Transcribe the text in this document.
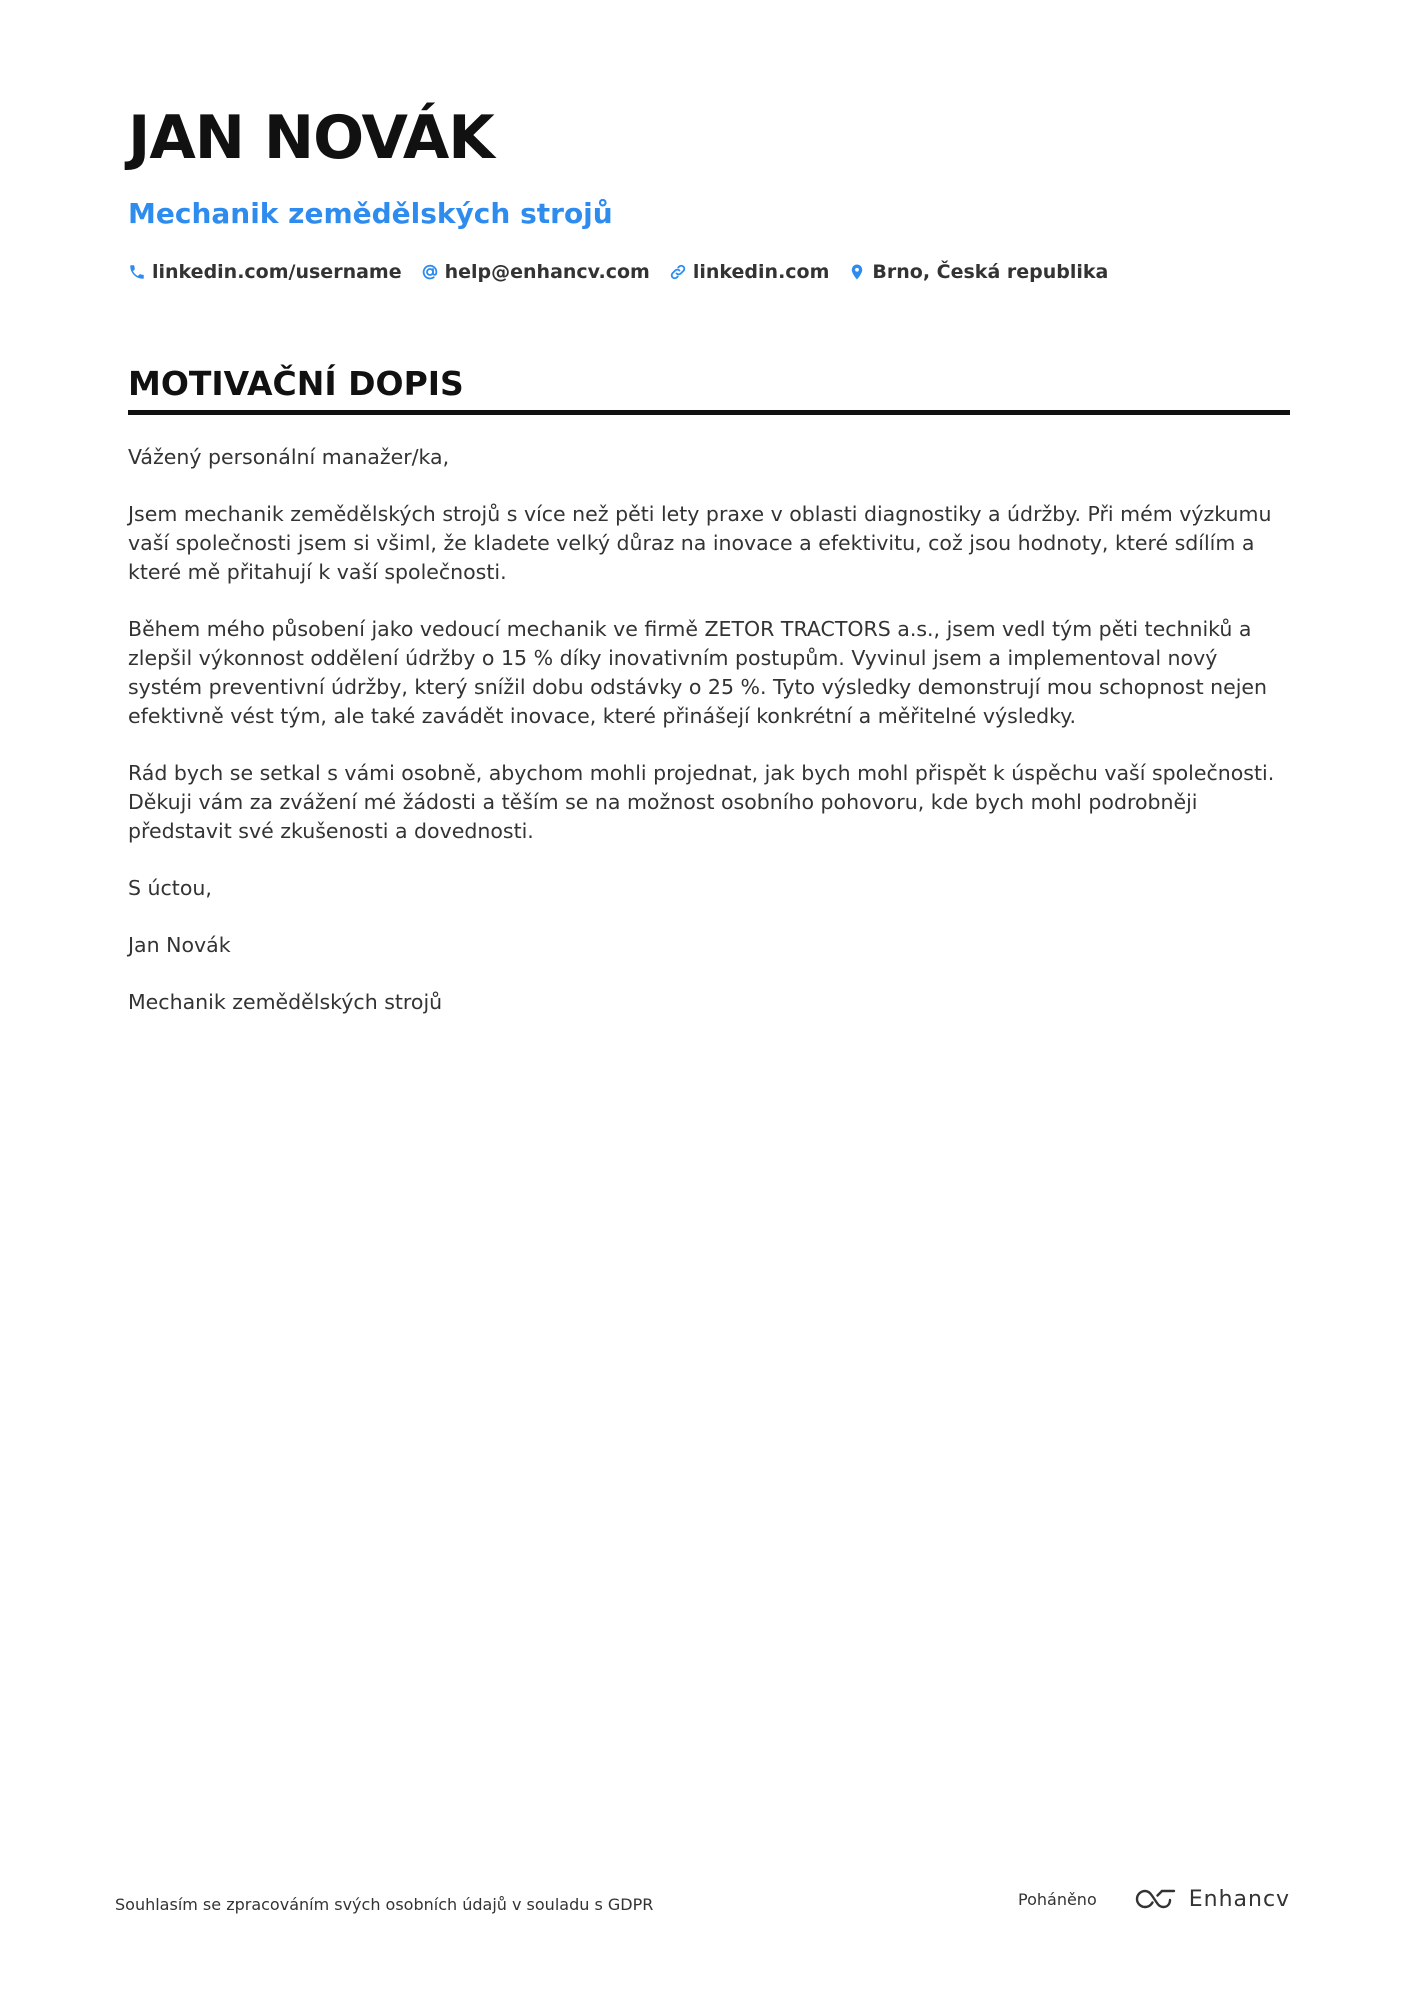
JAN NOVÁK
Mechanik zemědělských strojů
linkedin.com/username help@enhancv.com linkedin.com Brno, Česká republika
MOTIVAČNÍ DOPIS

Vážený personální manažer/ka,

Jsem mechanik zemědělských strojů s více než pěti lety praxe v oblasti diagnostiky a údržby. Při mém výzkumu vaší společnosti jsem si všiml, že kladete velký důraz na inovace a efektivitu, což jsou hodnoty, které sdílím a které mě přitahují k vaší společnosti.

Během mého působení jako vedoucí mechanik ve firmě ZETOR TRACTORS a.s., jsem vedl tým pěti techniků a zlepšil výkonnost oddělení údržby o 15 % díky inovativním postupům. Vyvinul jsem a implementoval nový systém preventivní údržby, který snížil dobu odstávky o 25 %. Tyto výsledky demonstrují mou schopnost nejen efektivně vést tým, ale také zavádět inovace, které přinášejí konkrétní a měřitelné výsledky.

Rád bych se setkal s vámi osobně, abychom mohli projednat, jak bych mohl přispět k úspěchu vaší společnosti. Děkuji vám za zvážení mé žádosti a těším se na možnost osobního pohovoru, kde bych mohl podrobněji představit své zkušenosti a dovednosti.

S úctou,

Jan Novák

Mechanik zemědělských strojů

Souhlasím se zpracováním svých osobních údajů v souladu s GDPR	Poháněno	Enhancv
